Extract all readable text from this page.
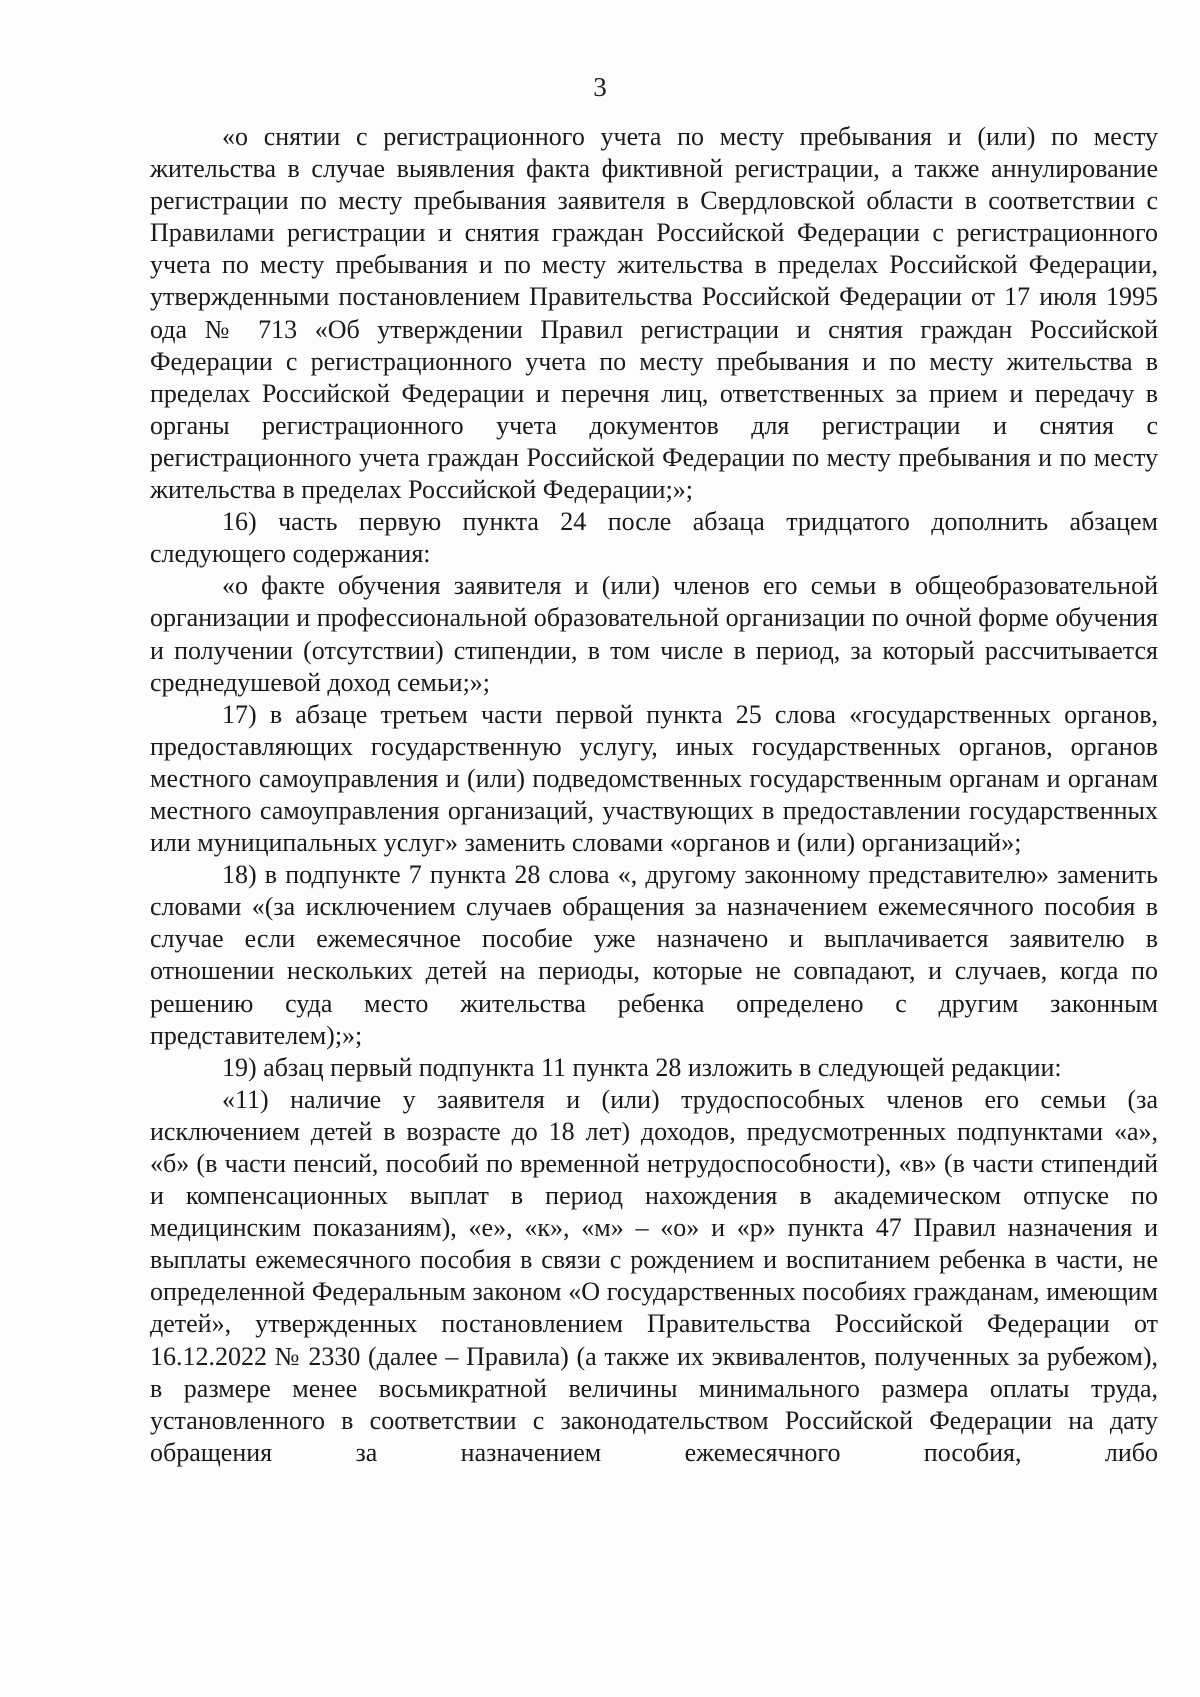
3

«о снятии с регистрационного учета по месту пребывания и (или) по месту жительства в случае выявления факта фиктивной регистрации, а также аннулирование регистрации по месту пребывания заявителя в Свердловской области в соответствии с Правилами регистрации и снятия граждан Российской Федерации с регистрационного учета по месту пребывания и по месту жительства в пределах Российской Федерации, утвержденными постановлением Правительства Российской Федерации от 17 июля 1995 ода № 713 «Об утверждении Правил регистрации и снятия граждан Российской Федерации с регистрационного учета по месту пребывания и по месту жительства в пределах Российской Федерации и перечня лиц, ответственных за прием и передачу в органы регистрационного учета документов для регистрации и снятия с регистрационного учета граждан Российской Федерации по месту пребывания и по месту жительства в пределах Российской Федерации;»;

16) часть первую пункта 24 после абзаца тридцатого дополнить абзацем следующего содержания:

«о факте обучения заявителя и (или) членов его семьи в общеобразовательной организации и профессиональной образовательной организации по очной форме обучения и получении (отсутствии) стипендии, в том числе в период, за который рассчитывается среднедушевой доход семьи;»;

17) в абзаце третьем части первой пункта 25 слова «государственных органов, предоставляющих государственную услугу, иных государственных органов, органов местного самоуправления и (или) подведомственных государственным органам и органам местного самоуправления организаций, участвующих в предоставлении государственных или муниципальных услуг» заменить словами «органов и (или) организаций»;

18) в подпункте 7 пункта 28 слова «, другому законному представителю» заменить словами «(за исключением случаев обращения за назначением ежемесячного пособия в случае если ежемесячное пособие уже назначено и выплачивается заявителю в отношении нескольких детей на периоды, которые не совпадают, и случаев, когда по решению суда место жительства ребенка определено с другим законным представителем);»;

19) абзац первый подпункта 11 пункта 28 изложить в следующей редакции:

«11) наличие у заявителя и (или) трудоспособных членов его семьи (за исключением детей в возрасте до 18 лет) доходов, предусмотренных подпунктами «а», «б» (в части пенсий, пособий по временной нетрудоспособности), «в» (в части стипендий и компенсационных выплат в период нахождения в академическом отпуске по медицинским показаниям), «е», «к», «м» – «о» и «р» пункта 47 Правил назначения и выплаты ежемесячного пособия в связи с рождением и воспитанием ребенка в части, не определенной Федеральным законом «О государственных пособиях гражданам, имеющим детей», утвержденных постановлением Правительства Российской Федерации от 16.12.2022 № 2330 (далее – Правила) (а также их эквивалентов, полученных за рубежом), в размере менее восьмикратной величины минимального размера оплаты труда, установленного в соответствии с законодательством Российской Федерации на дату обращения за назначением ежемесячного пособия, либо
